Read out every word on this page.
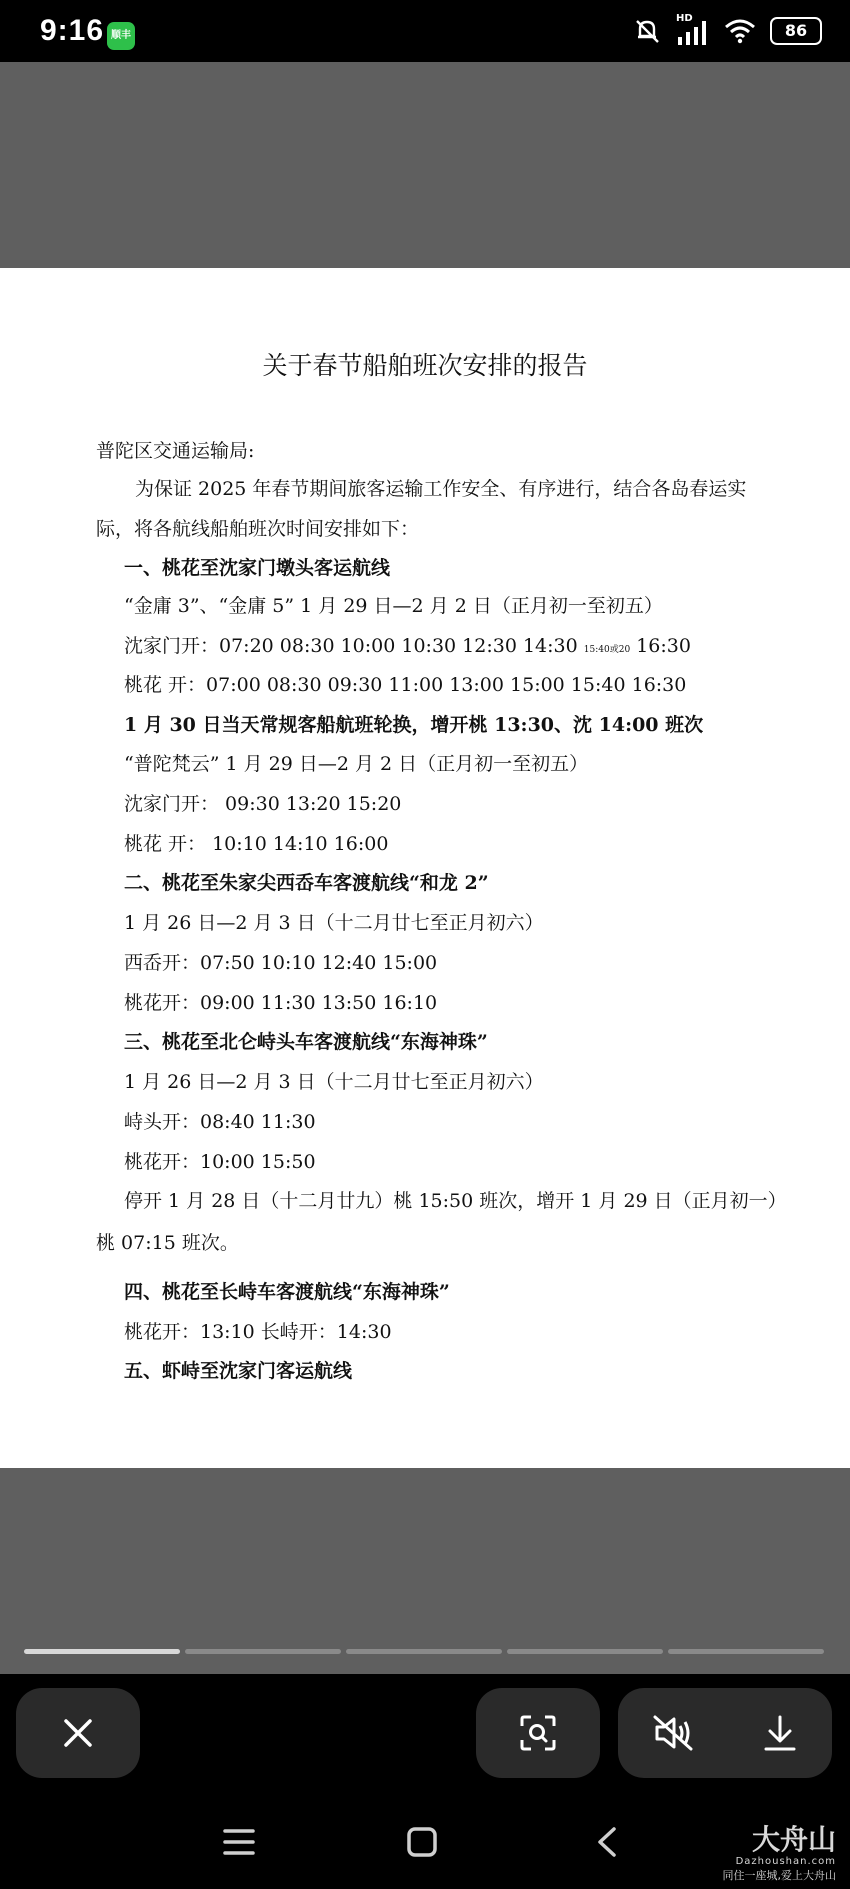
9:16 顺丰
HD
86
关于春节船舶班次安排的报告
普陀区交通运输局:
为保证 2025 年春节期间旅客运输工作安全、有序进行，结合各岛春运实
际，将各航线船舶班次时间安排如下：
一、桃花至沈家门墩头客运航线
“金庸 3”、“金庸 5” 1 月 29 日—2 月 2 日（正月初一至初五）
沈家门开：07:20 08:30 10:00 10:30 12:30 14:30 15:40或20 16:30
桃花 开：07:00 08:30 09:30 11:00 13:00 15:00 15:40 16:30
1 月 30 日当天常规客船航班轮换，增开桃 13:30、沈 14:00 班次
“普陀梵云” 1 月 29 日—2 月 2 日（正月初一至初五）
沈家门开： 09:30 13:20 15:20
桃花 开： 10:10 14:10 16:00
二、桃花至朱家尖西岙车客渡航线“和龙 2”
1 月 26 日—2 月 3 日（十二月廿七至正月初六）
西岙开：07:50 10:10 12:40 15:00
桃花开：09:00 11:30 13:50 16:10
三、桃花至北仑峙头车客渡航线“东海神珠”
1 月 26 日—2 月 3 日（十二月廿七至正月初六）
峙头开：08:40 11:30
桃花开：10:00 15:50
停开 1 月 28 日（十二月廿九）桃 15:50 班次，增开 1 月 29 日（正月初一）
桃 07:15 班次。
四、桃花至长峙车客渡航线“东海神珠”
桃花开：13:10 长峙开：14:30
五、虾峙至沈家门客运航线
大舟山
Dazhoushan.com
同住一座城,爱上大舟山
